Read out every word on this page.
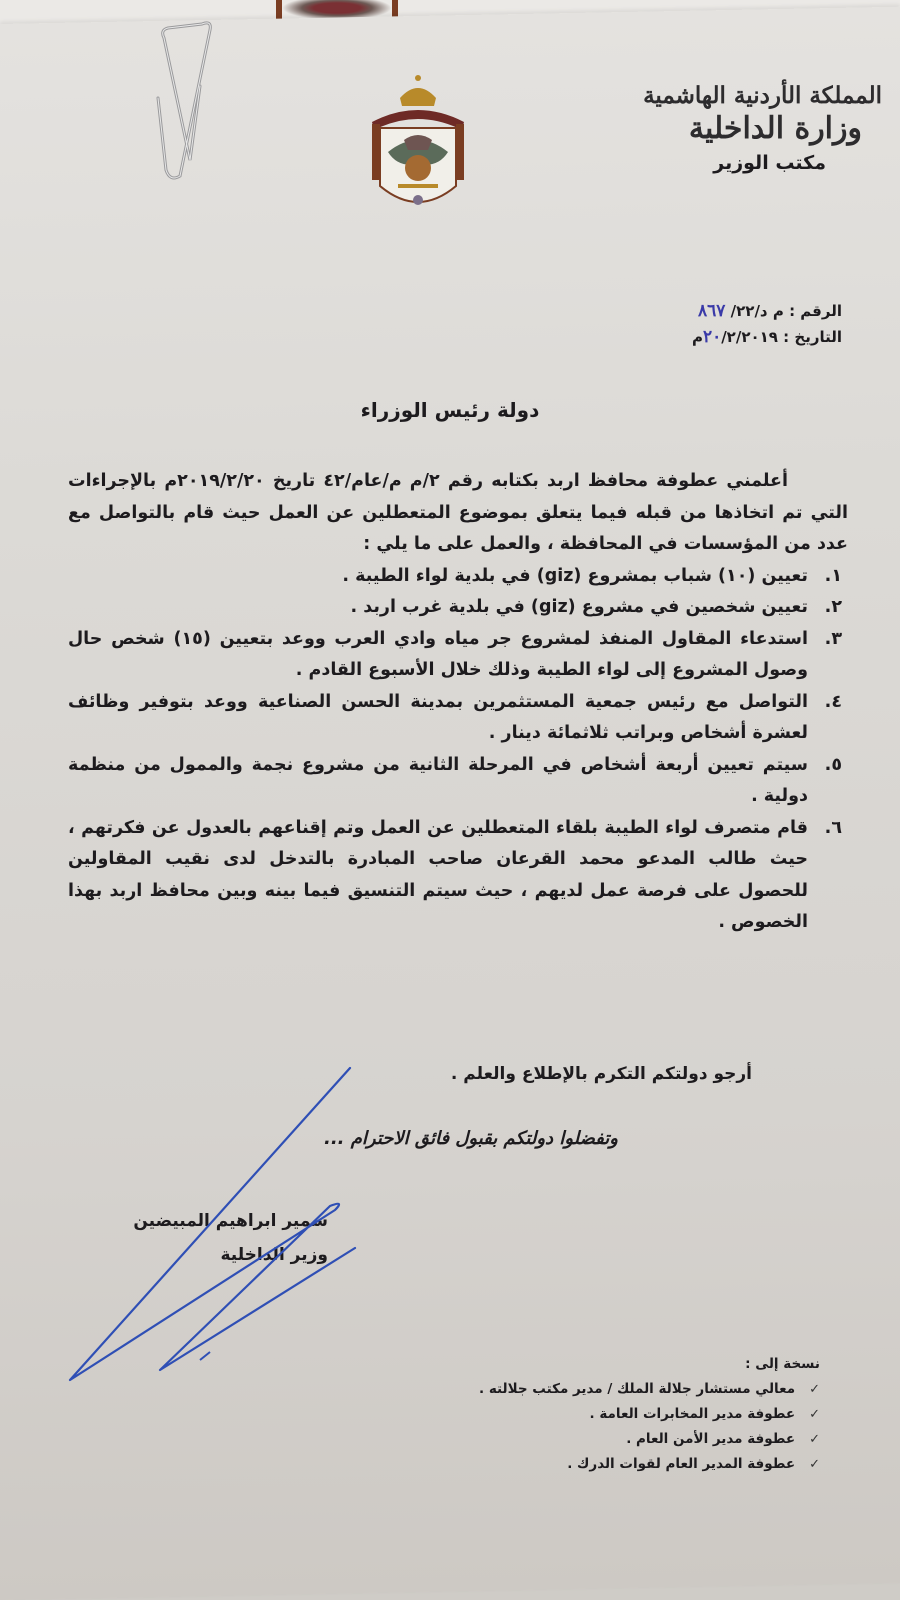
المملكة الأردنية الهاشمية
وزارة الداخلية
مكتب الوزير
الرقم : م د/٢٢/ ٨٦٧
التاريخ : ٢٠/٢/٢٠١٩م
دولة رئيس الوزراء
أعلمني عطوفة محافظ اربد بكتابه رقم ٢/م م/عام/٤٢ تاريخ ٢٠١٩/٢/٢٠م بالإجراءات التي تم اتخاذها من قبله فيما يتعلق بموضوع المتعطلين عن العمل حيث قام بالتواصل مع عدد من المؤسسات في المحافظة ، والعمل على ما يلي :
١.
تعيين (١٠) شباب بمشروع (giz) في بلدية لواء الطيبة .
٢.
تعيين شخصين في مشروع (giz) في بلدية غرب اربد .
٣.
استدعاء المقاول المنفذ لمشروع جر مياه وادي العرب ووعد بتعيين (١٥) شخص حال وصول المشروع إلى لواء الطيبة وذلك خلال الأسبوع القادم .
٤.
التواصل مع رئيس جمعية المستثمرين بمدينة الحسن الصناعية ووعد بتوفير وظائف لعشرة أشخاص وبراتب ثلاثمائة دينار .
٥.
سيتم تعيين أربعة أشخاص في المرحلة الثانية من مشروع نجمة والممول من منظمة دولية .
٦.
قام متصرف لواء الطيبة بلقاء المتعطلين عن العمل وتم إقناعهم بالعدول عن فكرتهم ، حيث طالب المدعو محمد القرعان صاحب المبادرة بالتدخل لدى نقيب المقاولين للحصول على فرصة عمل لديهم ، حيث سيتم التنسيق فيما بينه وبين محافظ اربد بهذا الخصوص .
أرجو دولتكم التكرم بالإطلاع والعلم .
وتفضلوا دولتكم بقبول فائق الاحترام ...
سمير ابراهيم المبيضين
وزير الداخلية
نسخة إلى :
✓
معالي مستشار جلالة الملك / مدير مكتب جلالته .
✓
عطوفة مدير المخابرات العامة .
✓
عطوفة مدير الأمن العام .
✓
عطوفة المدير العام لقوات الدرك .
